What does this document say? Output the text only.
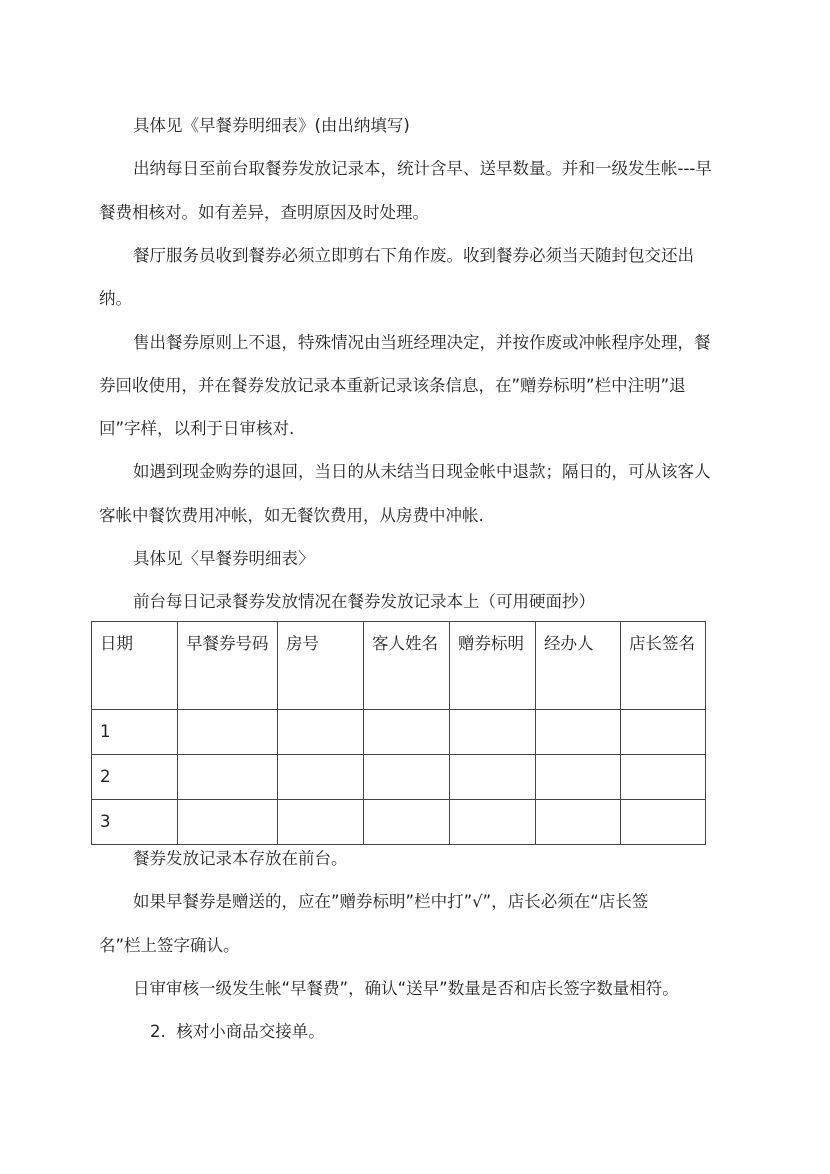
具体见《早餐券明细表》(由出纳填写)
出纳每日至前台取餐券发放记录本，统计含早、送早数量。并和一级发生帐---早
餐费相核对。如有差异，查明原因及时处理。
餐厅服务员收到餐券必须立即剪右下角作废。收到餐券必须当天随封包交还出
纳。
售出餐券原则上不退，特殊情况由当班经理决定，并按作废或冲帐程序处理，餐
券回收使用，并在餐券发放记录本重新记录该条信息，在”赠券标明”栏中注明”退
回”字样，以利于日审核对.
如遇到现金购券的退回，当日的从未结当日现金帐中退款；隔日的，可从该客人
客帐中餐饮费用冲帐，如无餐饮费用，从房费中冲帐.
具体见〈早餐券明细表〉
前台每日记录餐券发放情况在餐券发放记录本上（可用硬面抄）
餐券发放记录本存放在前台。
如果早餐券是赠送的，应在”赠券标明”栏中打”√”，店长必须在“店长签
名”栏上签字确认。
日审审核一级发生帐“早餐费”，确认“送早”数量是否和店长签字数量相符。
2. 核对小商品交接单。
日期	早餐券号码	房号	客人姓名	赠券标明	经办人	店长签名
1						
2						
3						
